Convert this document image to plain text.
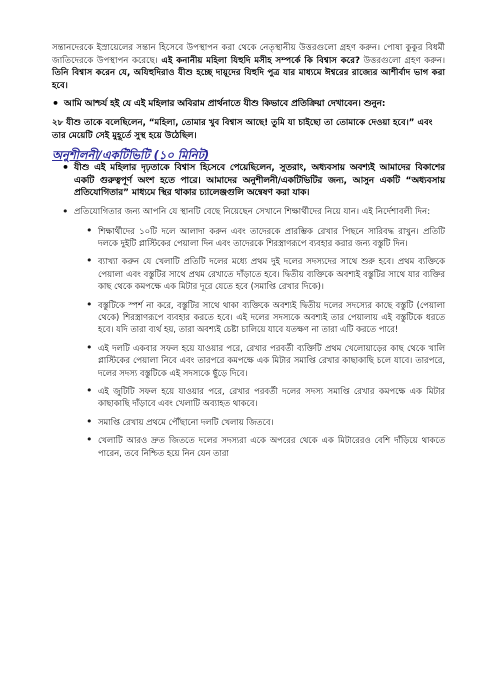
সন্তানদেরকে ইস্রায়েলের সন্তান হিসেবে উপস্থাপন করা থেকে নেতৃস্থানীয় উত্তরগুলো গ্রহণ করুন। পোষা কুকুর বিধর্মী জাতিদেরকে উপস্থাপন করেছে। এই কনানীয় মহিলা যিহুদি মসীহ সম্পর্কে কি বিশ্বাস করে? উত্তরগুলো গ্রহণ করুন। তিনি বিশ্বাস করেন যে, অযিহুদিরাও যীশু হচ্ছে দায়ূদের যিহুদি পুত্র যার মাধ্যমে ঈশ্বরের রাজ্যের আশীর্বাদ ভাগ করা হবে।

• আমি আশ্চর্য হই যে এই মহিলার অবিরাম প্রার্থনাতে যীশু কিভাবে প্রতিক্রিয়া দেখাবেন। শুনুন:

২৮ যীশু তাকে বলেছিলেন, “মহিলা, তোমার খুব বিশ্বাস আছে! তুমি যা চাইছো তা তোমাকে দেওয়া হবে।” এবং তার মেয়েটি সেই মুহূর্তে সুস্থ হয়ে উঠেছিল।

অনুশীলনী/একটিভিটি (১০ মিনিট)

• যীশু এই মহিলার দৃঢ়তাকে বিশ্বাস হিসেবে পেয়েছিলেন, সুতরাং, অধ্যবসায় অবশ্যই আমাদের বিকাশের একটি গুরুত্বপূর্ণ অংশ হতে পারে। আমাদের অনুশীলনী/একটিভিটির জন্য, আসুন একটি “অধ্যবসায় প্রতিযোগিতার” মাধ্যমে স্থির থাকার চ্যালেঞ্জগুলি অন্বেষণ করা যাক।

• প্রতিযোগিতার জন্য আপনি যে স্থানটি বেছে নিয়েছেন সেখানে শিক্ষার্থীদের নিয়ে যান। এই নির্দেশাবলী দিন:

• শিক্ষার্থীদের ১০টি দলে আলাদা করুন এবং তাদেরকে প্রারম্ভিক রেখার পিছনে সারিবদ্ধ রাখুন। প্রতিটি দলকে দুইটি প্লাস্টিকের পেয়ালা দিন এবং তাদেরকে শিরস্ত্রাণরূপে ব্যবহার করার জন্য বস্তুটি দিন।

• ব্যাখ্যা করুন যে খেলাটি প্রতিটি দলের মধ্যে প্রথম দুই দলের সদস্যদের সাথে শুরু হবে। প্রথম ব্যক্তিকে পেয়ালা এবং বস্তুটির সাথে প্রথম রেখাতে দাঁড়াতে হবে। দ্বিতীয় ব্যক্তিকে অবশ্যই বস্তুটির সাথে যার ব্যক্তির কাছ থেকে কমপক্ষে এক মিটার দূরে যেতে হবে (সমাপ্তি রেখার দিকে)।

• বস্তুটিকে স্পর্শ না করে, বস্তুটির সাথে থাকা ব্যক্তিকে অবশ্যই দ্বিতীয় দলের সদস্যের কাছে বস্তুটি (পেয়ালা থেকে) শিরস্ত্রাণরূপে ব্যবহার করতে হবে। এই দলের সদস্যকে অবশ্যই তার পেয়ালায় এই বস্তুটিকে ধরতে হবে। যদি তারা ব্যর্থ হয়, তারা অবশ্যই চেষ্টা চালিয়ে যাবে যতক্ষণ না তারা এটি করতে পারে!

• এই দলটি একবার সফল হয়ে যাওয়ার পরে, রেখার পরবর্তী ব্যক্তিটি প্রথম খেলোয়াড়ের কাছ থেকে খালি প্লাস্টিকের পেয়ালা নিবে এবং তারপরে কমপক্ষে এক মিটার সমাপ্তি রেখার কাছাকাছি চলে যাবে। তারপরে, দলের সদস্য বস্তুটিকে এই সদস্যকে ছুঁড়ে দিবে।

• এই জুটিটি সফল হয়ে যাওয়ার পরে, রেখার পরবর্তী দলের সদস্য সমাপ্তি রেখার কমপক্ষে এক মিটার কাছাকাছি দাঁড়াবে এবং খেলাটি অব্যাহত থাকবে।

• সমাপ্তি রেখায় প্রথমে পৌঁছানো দলটি খেলায় জিতবে।

• খেলাটি আরও দ্রুত জিততে দলের সদস্যরা একে অপরের থেকে এক মিটারেরও বেশি দাঁড়িয়ে থাকতে পারেন, তবে নিশ্চিত হয়ে নিন যেন তারা
